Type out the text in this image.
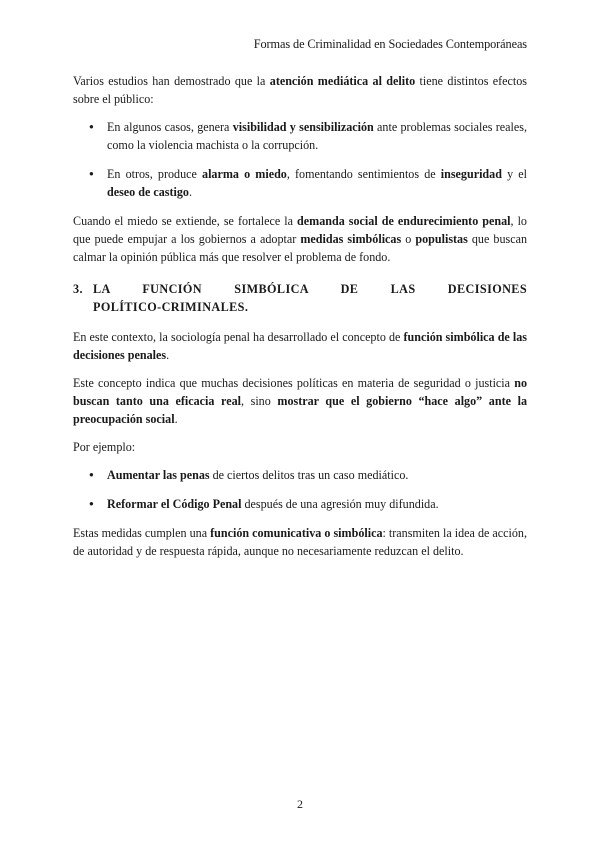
Formas de Criminalidad en Sociedades Contemporáneas

Varios estudios han demostrado que la atención mediática al delito tiene distintos efectos sobre el público:

● En algunos casos, genera visibilidad y sensibilización ante problemas sociales reales, como la violencia machista o la corrupción.
● En otros, produce alarma o miedo, fomentando sentimientos de inseguridad y el deseo de castigo.

Cuando el miedo se extiende, se fortalece la demanda social de endurecimiento penal, lo que puede empujar a los gobiernos a adoptar medidas simbólicas o populistas que buscan calmar la opinión pública más que resolver el problema de fondo.

3. LA FUNCIÓN SIMBÓLICA DE LAS DECISIONES
POLÍTICO-CRIMINALES.

En este contexto, la sociología penal ha desarrollado el concepto de función simbólica de las decisiones penales.

Este concepto indica que muchas decisiones políticas en materia de seguridad o justicia no buscan tanto una eficacia real, sino mostrar que el gobierno “hace algo” ante la preocupación social.

Por ejemplo:

● Aumentar las penas de ciertos delitos tras un caso mediático.
● Reformar el Código Penal después de una agresión muy difundida.

Estas medidas cumplen una función comunicativa o simbólica: transmiten la idea de acción, de autoridad y de respuesta rápida, aunque no necesariamente reduzcan el delito.

2
